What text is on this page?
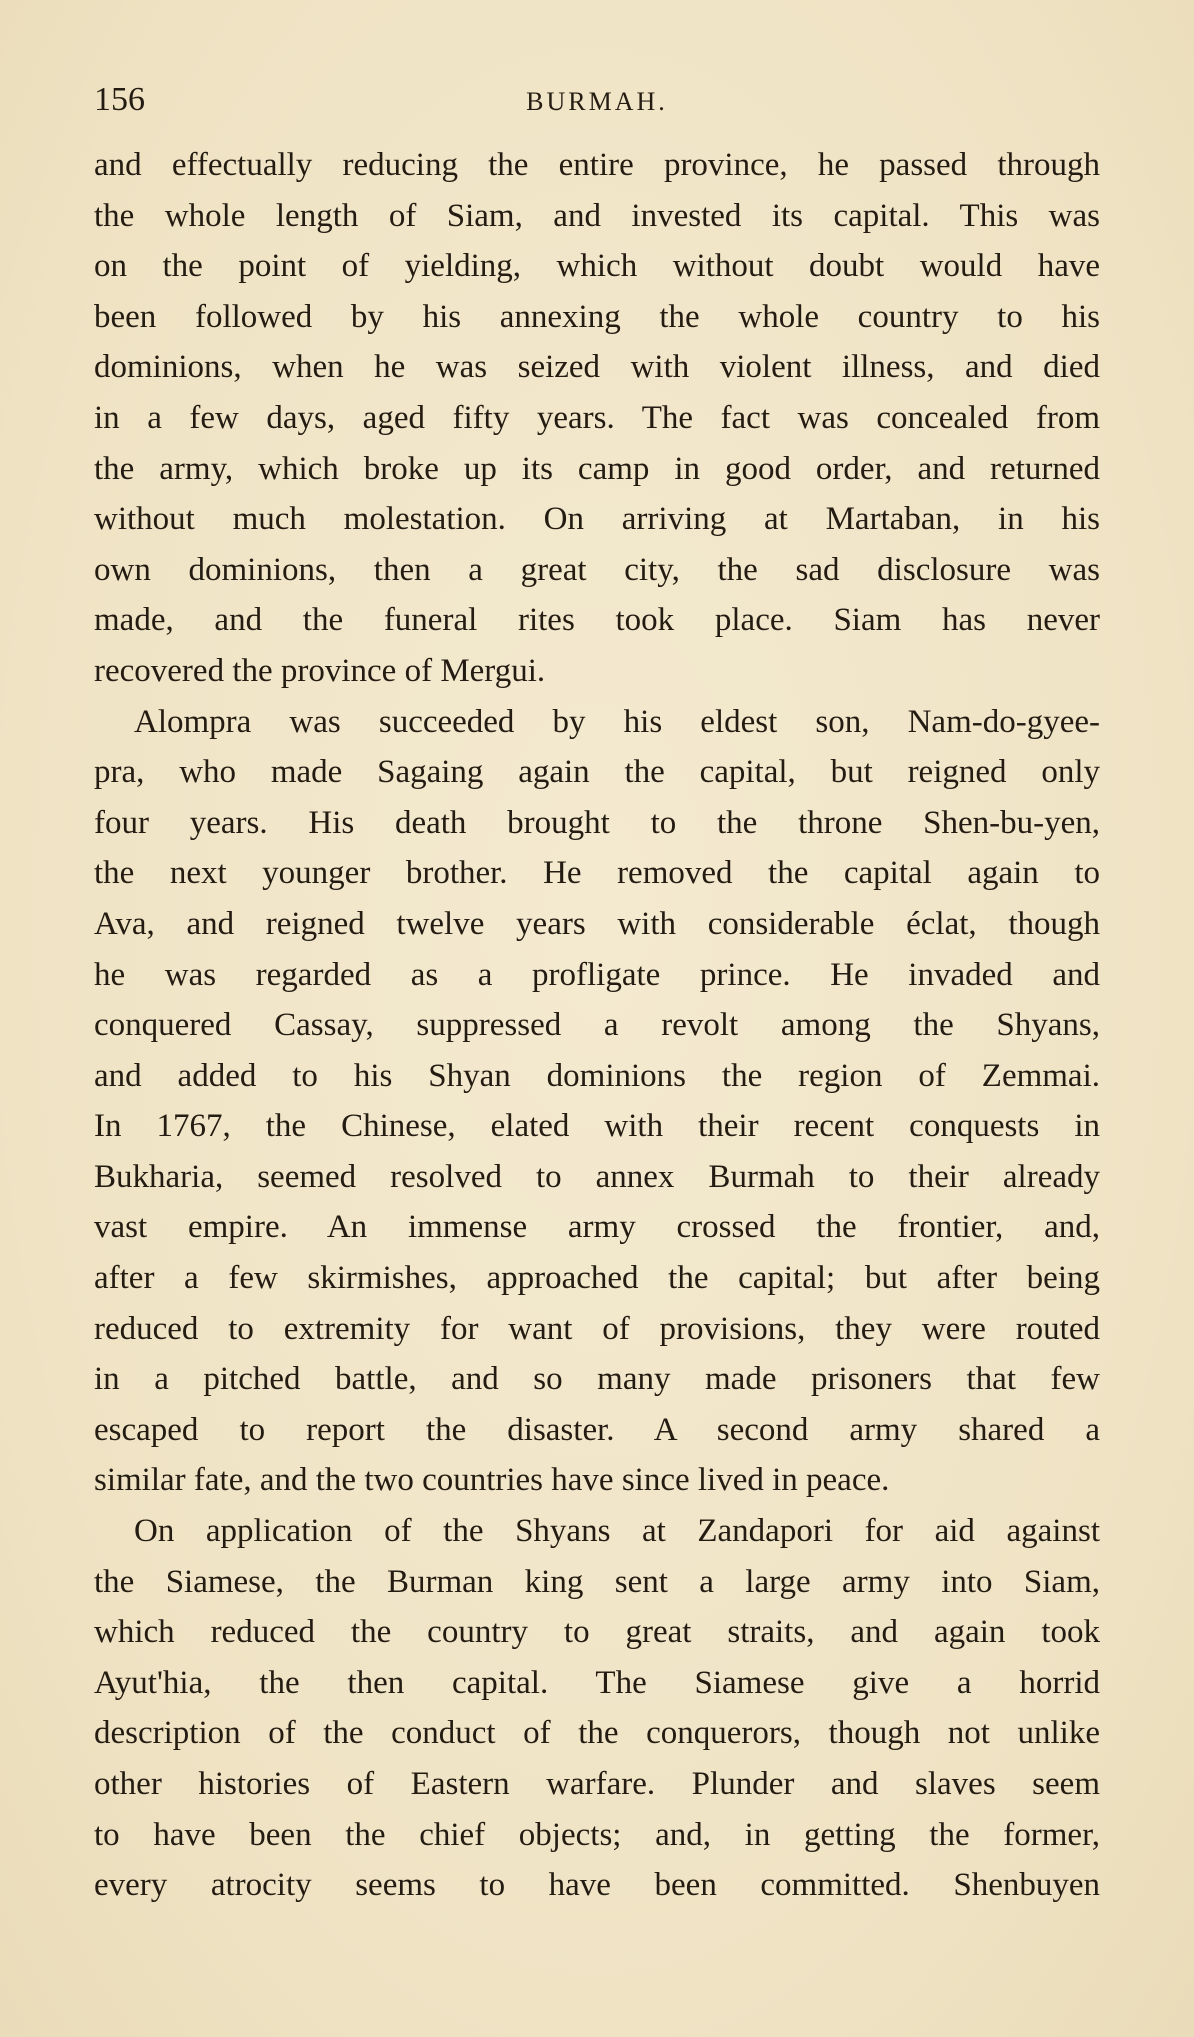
156	BURMAH.
and effectually reducing the entire province, he passed through
the whole length of Siam, and invested its capital. This was
on the point of yielding, which without doubt would have
been followed by his annexing the whole country to his
dominions, when he was seized with violent illness, and died
in a few days, aged fifty years. The fact was concealed from
the army, which broke up its camp in good order, and returned
without much molestation. On arriving at Martaban, in his
own dominions, then a great city, the sad disclosure was
made, and the funeral rites took place. Siam has never
recovered the province of Mergui.
Alompra was succeeded by his eldest son, Nam-do-gyee-
pra, who made Sagaing again the capital, but reigned only
four years. His death brought to the throne Shen-bu-yen,
the next younger brother. He removed the capital again to
Ava, and reigned twelve years with considerable éclat, though
he was regarded as a profligate prince. He invaded and
conquered Cassay, suppressed a revolt among the Shyans,
and added to his Shyan dominions the region of Zemmai.
In 1767, the Chinese, elated with their recent conquests in
Bukharia, seemed resolved to annex Burmah to their already
vast empire. An immense army crossed the frontier, and,
after a few skirmishes, approached the capital; but after being
reduced to extremity for want of provisions, they were routed
in a pitched battle, and so many made prisoners that few
escaped to report the disaster. A second army shared a
similar fate, and the two countries have since lived in peace.
On application of the Shyans at Zandapori for aid against
the Siamese, the Burman king sent a large army into Siam,
which reduced the country to great straits, and again took
Ayut'hia, the then capital. The Siamese give a horrid
description of the conduct of the conquerors, though not unlike
other histories of Eastern warfare. Plunder and slaves seem
to have been the chief objects; and, in getting the former,
every atrocity seems to have been committed. Shenbuyen
